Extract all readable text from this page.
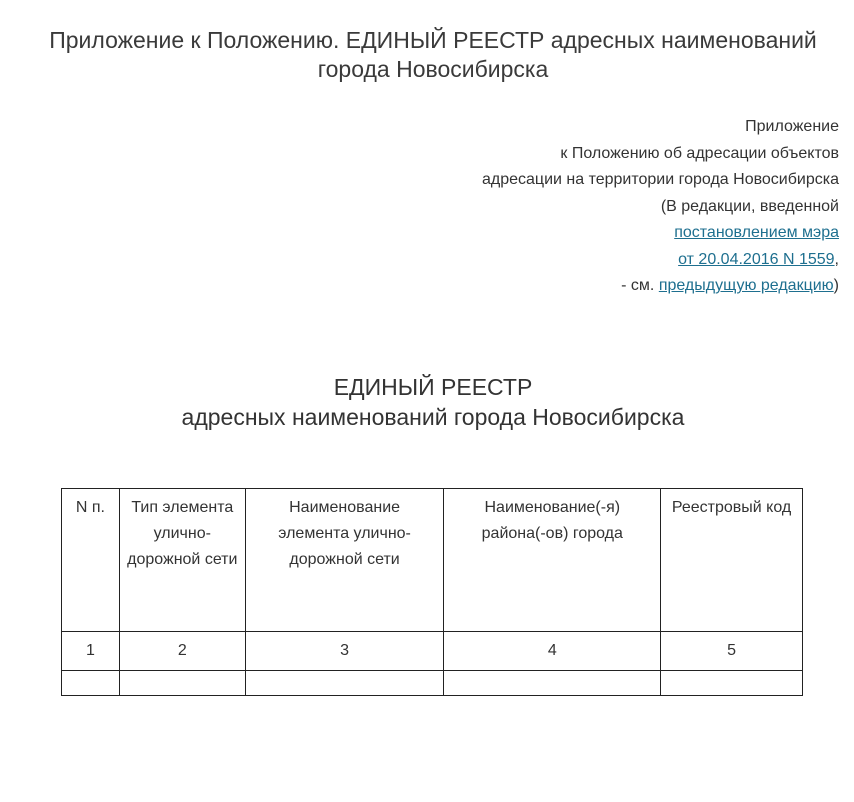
Приложение к Положению. ЕДИНЫЙ РЕЕСТР адресных наименований
города Новосибирска
Приложение
к Положению об адресации объектов
адресации на территории города Новосибирска
(В редакции, введенной
постановлением мэра
от 20.04.2016 N 1559,
- см. предыдущую редакцию)
ЕДИНЫЙ РЕЕСТР
адресных наименований города Новосибирска
N п.	Тип элемента улично-дорожной сети	Наименование элемента улично-дорожной сети	Наименование(-я) района(-ов) города	Реестровый код
1	2	3	4	5
